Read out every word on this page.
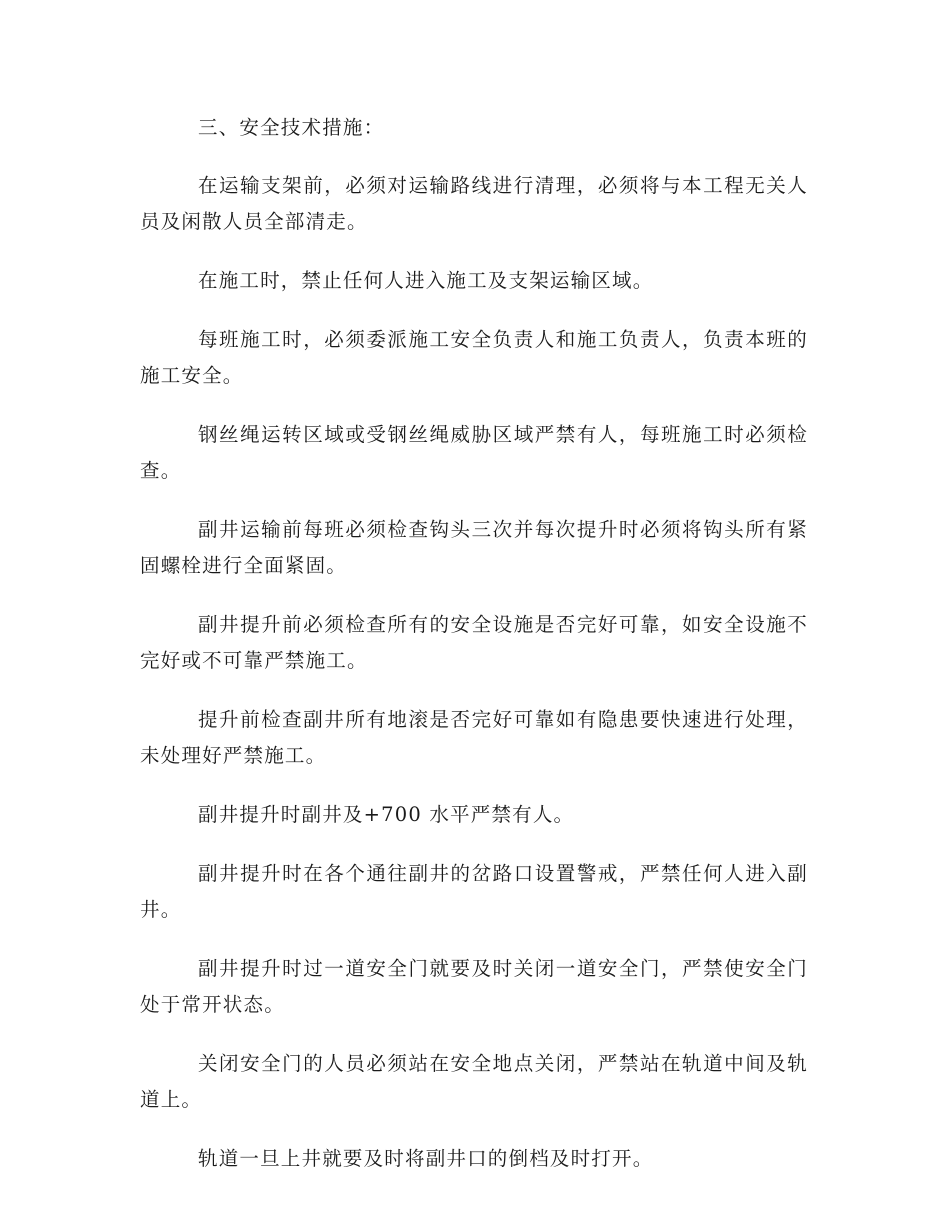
三、安全技术措施：

在运输支架前，必须对运输路线进行清理，必须将与本工程无关人员及闲散人员全部清走。

在施工时，禁止任何人进入施工及支架运输区域。

每班施工时，必须委派施工安全负责人和施工负责人，负责本班的施工安全。

钢丝绳运转区域或受钢丝绳威胁区域严禁有人，每班施工时必须检查。

副井运输前每班必须检查钩头三次并每次提升时必须将钩头所有紧固螺栓进行全面紧固。

副井提升前必须检查所有的安全设施是否完好可靠，如安全设施不完好或不可靠严禁施工。

提升前检查副井所有地滚是否完好可靠如有隐患要快速进行处理，未处理好严禁施工。

副井提升时副井及+700 水平严禁有人。

副井提升时在各个通往副井的岔路口设置警戒，严禁任何人进入副井。

副井提升时过一道安全门就要及时关闭一道安全门，严禁使安全门处于常开状态。

关闭安全门的人员必须站在安全地点关闭，严禁站在轨道中间及轨道上。

轨道一旦上井就要及时将副井口的倒档及时打开。
